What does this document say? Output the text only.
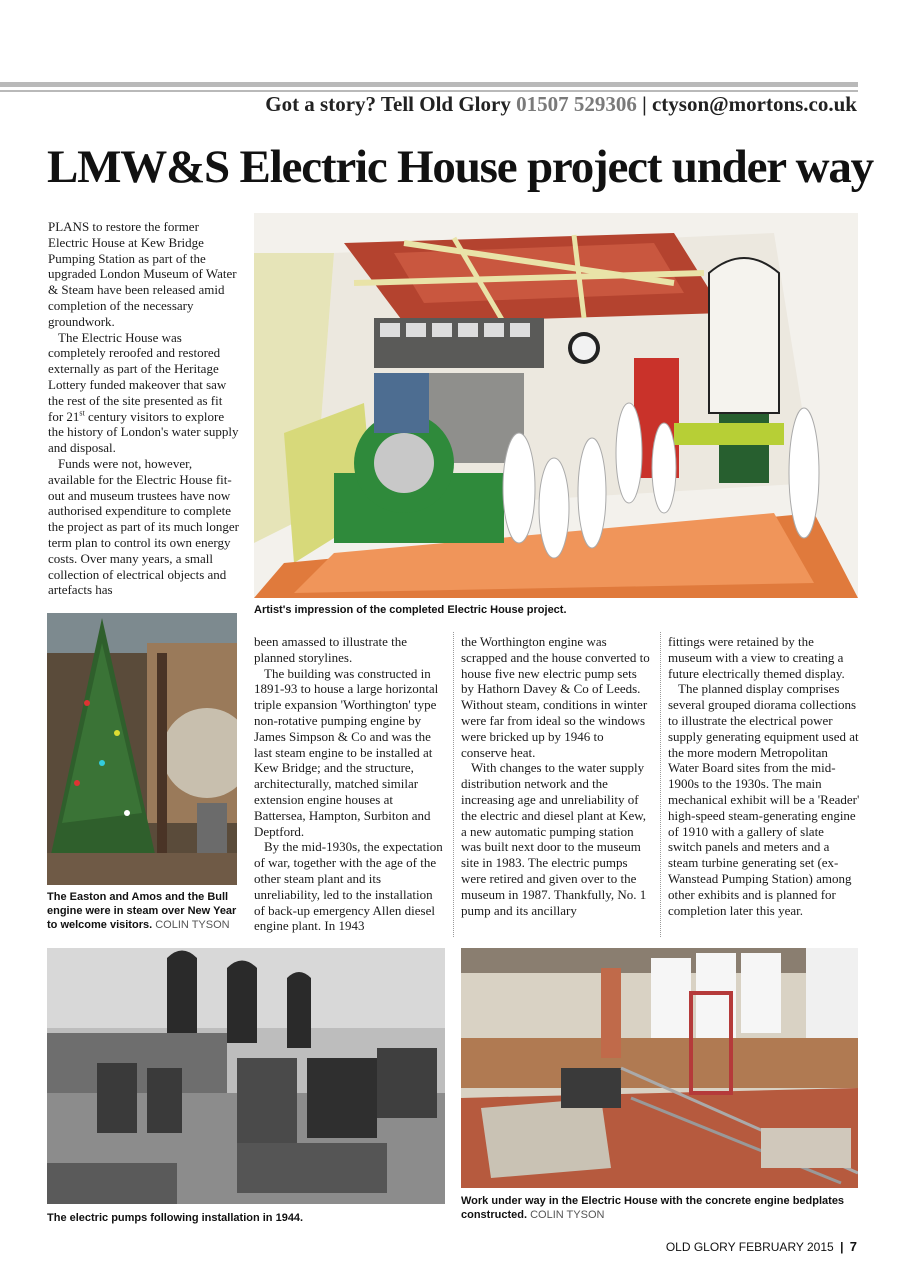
Got a story? Tell Old Glory 01507 529306 | ctyson@mortons.co.uk
LMW&S Electric House project under way

PLANS to restore the former Electric House at Kew Bridge Pumping Station as part of the upgraded London Museum of Water & Steam have been released amid completion of the necessary groundwork.

The Electric House was completely reroofed and restored externally as part of the Heritage Lottery funded makeover that saw the rest of the site presented as fit for 21st century visitors to explore the history of London's water supply and disposal.

Funds were not, however, available for the Electric House fit-out and museum trustees have now authorised expenditure to complete the project as part of its much longer term plan to control its own energy costs. Over many years, a small collection of electrical objects and artefacts has

Artist's impression of the completed Electric House project.
The Easton and Amos and the Bull engine were in steam over New Year to welcome visitors. COLIN TYSON

been amassed to illustrate the planned storylines.

The building was constructed in 1891-93 to house a large horizontal triple expansion 'Worthington' type non-rotative pumping engine by James Simpson & Co and was the last steam engine to be installed at Kew Bridge; and the structure, architecturally, matched similar extension engine houses at Battersea, Hampton, Surbiton and Deptford.

By the mid-1930s, the expectation of war, together with the age of the other steam plant and its unreliability, led to the installation of back-up emergency Allen diesel engine plant. In 1943

the Worthington engine was scrapped and the house converted to house five new electric pump sets by Hathorn Davey & Co of Leeds. Without steam, conditions in winter were far from ideal so the windows were bricked up by 1946 to conserve heat.

With changes to the water supply distribution network and the increasing age and unreliability of the electric and diesel plant at Kew, a new automatic pumping station was built next door to the museum site in 1983. The electric pumps were retired and given over to the museum in 1987. Thankfully, No. 1 pump and its ancillary

fittings were retained by the museum with a view to creating a future electrically themed display.

The planned display comprises several grouped diorama collections to illustrate the electrical power supply generating equipment used at the more modern Metropolitan Water Board sites from the mid-1900s to the 1930s. The main mechanical exhibit will be a 'Reader' high-speed steam-generating engine of 1910 with a gallery of slate switch panels and meters and a steam turbine generating set (ex-Wanstead Pumping Station) among other exhibits and is planned for completion later this year.

The electric pumps following installation in 1944.
Work under way in the Electric House with the concrete engine bedplates constructed. COLIN TYSON
OLD GLORY FEBRUARY 2015 | 7
